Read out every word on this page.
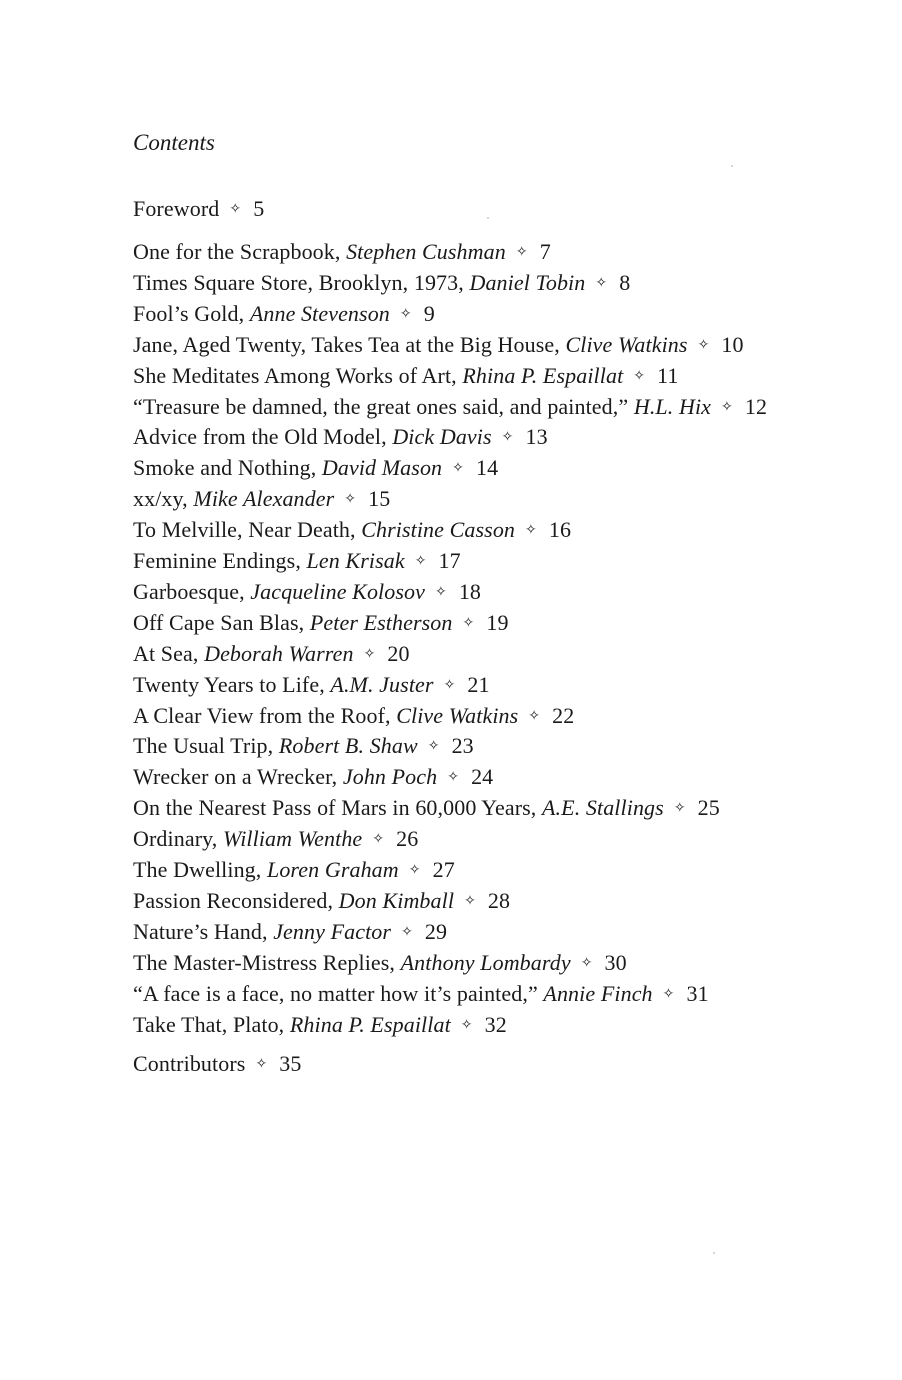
Contents
Foreword ✧ 5
One for the Scrapbook, Stephen Cushman ✧ 7
Times Square Store, Brooklyn, 1973, Daniel Tobin ✧ 8
Fool’s Gold, Anne Stevenson ✧ 9
Jane, Aged Twenty, Takes Tea at the Big House, Clive Watkins ✧ 10
She Meditates Among Works of Art, Rhina P. Espaillat ✧ 11
“Treasure be damned, the great ones said, and painted,” H.L. Hix ✧ 12
Advice from the Old Model, Dick Davis ✧ 13
Smoke and Nothing, David Mason ✧ 14
xx/xy, Mike Alexander ✧ 15
To Melville, Near Death, Christine Casson ✧ 16
Feminine Endings, Len Krisak ✧ 17
Garboesque, Jacqueline Kolosov ✧ 18
Off Cape San Blas, Peter Estherson ✧ 19
At Sea, Deborah Warren ✧ 20
Twenty Years to Life, A.M. Juster ✧ 21
A Clear View from the Roof, Clive Watkins ✧ 22
The Usual Trip, Robert B. Shaw ✧ 23
Wrecker on a Wrecker, John Poch ✧ 24
On the Nearest Pass of Mars in 60,000 Years, A.E. Stallings ✧ 25
Ordinary, William Wenthe ✧ 26
The Dwelling, Loren Graham ✧ 27
Passion Reconsidered, Don Kimball ✧ 28
Nature’s Hand, Jenny Factor ✧ 29
The Master-Mistress Replies, Anthony Lombardy ✧ 30
“A face is a face, no matter how it’s painted,” Annie Finch ✧ 31
Take That, Plato, Rhina P. Espaillat ✧ 32
Contributors ✧ 35
